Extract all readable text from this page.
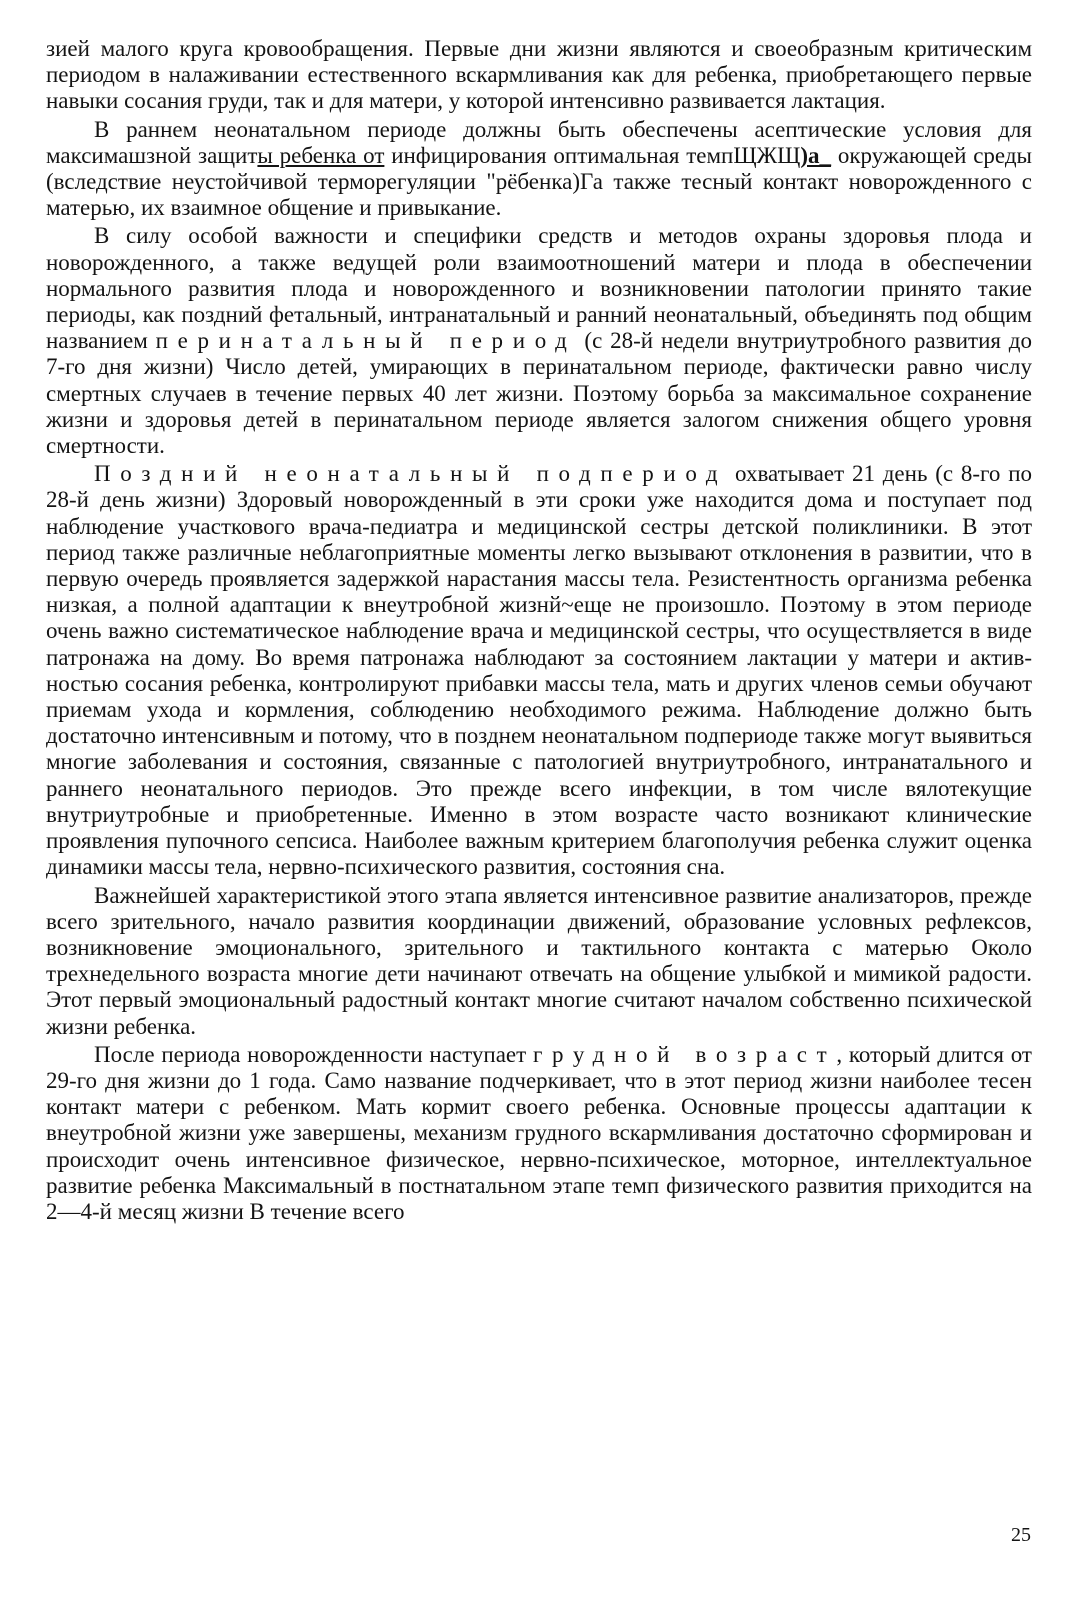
зией малого круга кровообращения. Первые дни жизни являются и своеобразным критическим периодом в налаживании естественного вскармливания как для ребенка, приобретающего первые навыки сосания груди, так и для матери, у которой интенсивно развивается лактация.

В раннем неонатальном периоде должны быть обеспечены асептические условия для максимашзной защиты ребенка от инфицирования оптимальная темпЩЖЩ)а_ окружающей среды (вследствие неустойчивой терморегуляции "рёбенка)Га также тесный контакт новорожденного с матерью, их взаимное общение и привыкание.

В силу особой важности и специфики средств и методов охраны здоровья плода и новорожденного, а также ведущей роли взаимоотношений матери и плода в обеспечении нормального развития плода и новорожденного и возникновении патологии принято такие периоды, как поздний фетальный, интранатальный и ранний неонатальный, объединять под общим названием перинатальный период (с 28-й недели внутриутробного развития до 7-го дня жизни) Число детей, умирающих в перинатальном периоде, фактически равно числу смертных случаев в течение первых 40 лет жизни. Поэтому борьба за максимальное сохранение жизни и здоровья детей в перинатальном периоде является залогом снижения общего уровня смертности.

Поздний неонатальный подпериод охватывает 21 день (с 8-го по 28-й день жизни) Здоровый новорожденный в эти сроки уже находится дома и поступает под наблюдение участкового врача-педиатра и медицинской сестры детской поликлиники. В этот период также различные неблагоприятные моменты легко вызывают отклонения в развитии, что в первую очередь проявляется задержкой нарастания массы тела. Резистентность организма ребенка низкая, а полной адаптации к внеутробной жизнй~еще не произошло. Поэтому в этом периоде очень важно систематическое наблюдение врача и медицинской сестры, что осуществляется в виде патронажа на дому. Во время патронажа наблюдают за состоянием лактации у матери и активностью сосания ребенка, контролируют прибавки массы тела, мать и других членов семьи обучают приемам ухода и кормления, соблюдению необходимого режима. Наблюдение должно быть достаточно интенсивным и потому, что в позднем неонатальном подпериоде также могут выявиться многие заболевания и состояния, связанные с патологией внутриутробного, интранатального и раннего неонатального периодов. Это прежде всего инфекции, в том числе вялотекущие внутриутробные и приобретенные. Именно в этом возрасте часто возникают клинические проявления пупочного сепсиса. Наиболее важным критерием благополучия ребенка служит оценка динамики массы тела, нервно-психического развития, состояния сна.

Важнейшей характеристикой этого этапа является интенсивное развитие анализаторов, прежде всего зрительного, начало развития координации движений, образование условных рефлексов, возникновение эмоционального, зрительного и тактильного контакта с матерью Около трехнедельного возраста многие дети начинают отвечать на общение улыбкой и мимикой радости. Этот первый эмоциональный радостный контакт многие считают началом собственно психической жизни ребенка.

После периода новорожденности наступает грудной возраст, который длится от 29-го дня жизни до 1 года. Само название подчеркивает, что в этот период жизни наиболее тесен контакт матери с ребенком. Мать кормит своего ребенка. Основные процессы адаптации к внеутробной жизни уже завершены, механизм грудного вскармливания достаточно сформирован и происходит очень интенсивное физическое, нервно-психическое, моторное, интеллектуальное развитие ребенка Максимальный в постнатальном этапе темп физического развития приходится на 2—4-й месяц жизни В течение всего

25
